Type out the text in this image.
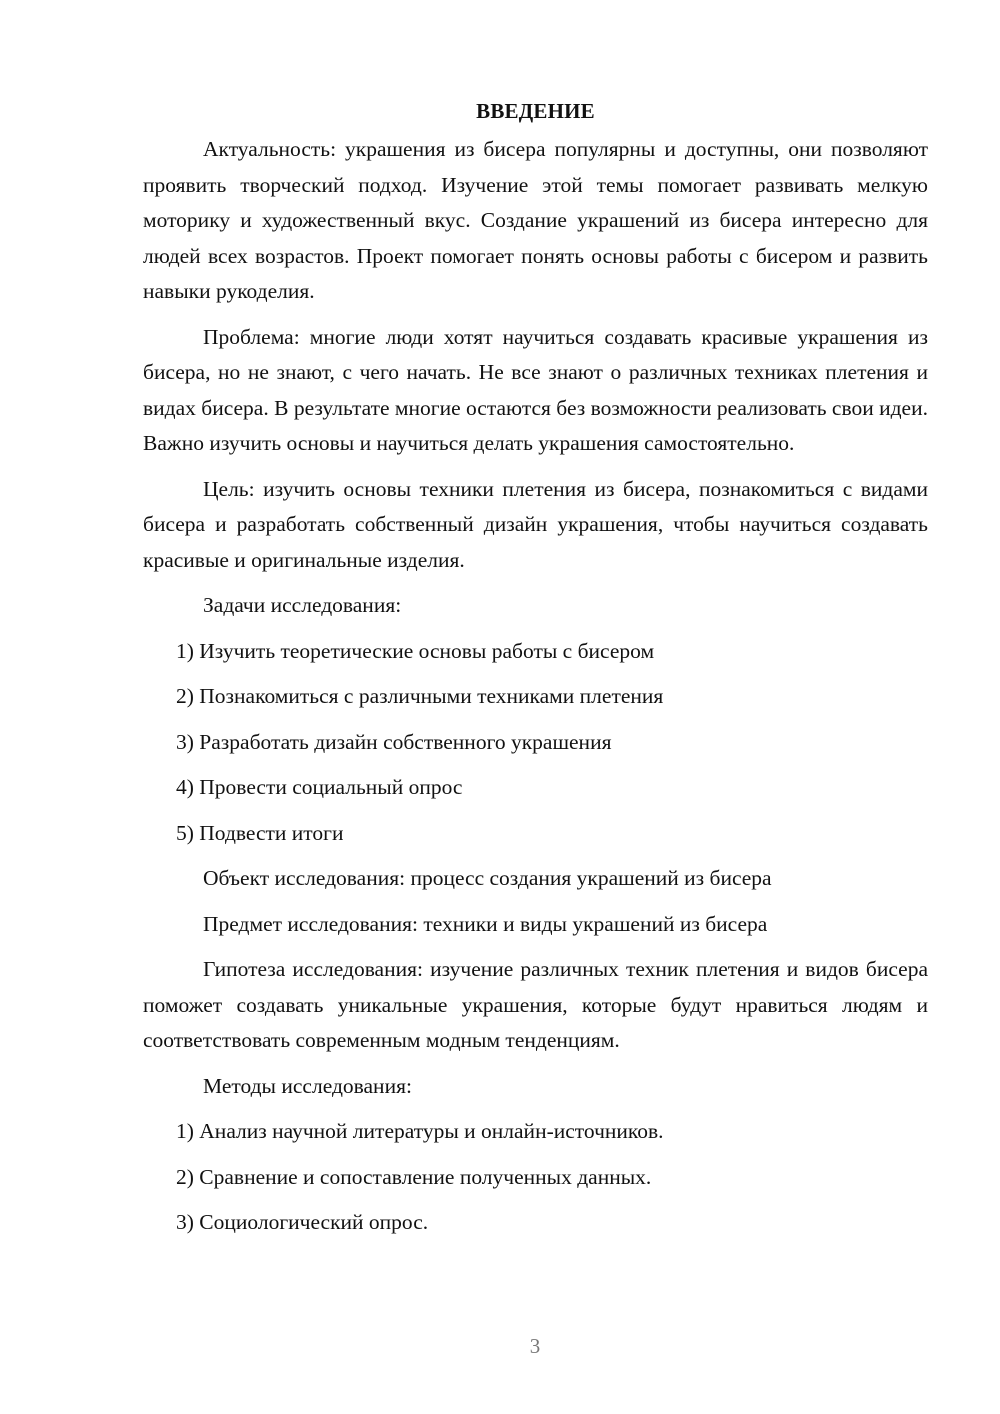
ВВЕДЕНИЕ
Актуальность: украшения из бисера популярны и доступны, они позволяют проявить творческий подход. Изучение этой темы помогает развивать мелкую моторику и художественный вкус. Создание украшений из бисера интересно для людей всех возрастов. Проект помогает понять основы работы с бисером и развить навыки рукоделия.
Проблема: многие люди хотят научиться создавать красивые украшения из бисера, но не знают, с чего начать. Не все знают о различных техниках плетения и видах бисера. В результате многие остаются без возможности реализовать свои идеи. Важно изучить основы и научиться делать украшения самостоятельно.
Цель: изучить основы техники плетения из бисера, познакомиться с видами бисера и разработать собственный дизайн украшения, чтобы научиться создавать красивые и оригинальные изделия.
Задачи исследования:
1) Изучить теоретические основы работы с бисером
2) Познакомиться с различными техниками плетения
3) Разработать дизайн собственного украшения
4) Провести социальный опрос
5) Подвести итоги
Объект исследования: процесс создания украшений из бисера
Предмет исследования: техники и виды украшений из бисера
Гипотеза исследования: изучение различных техник плетения и видов бисера поможет создавать уникальные украшения, которые будут нравиться людям и соответствовать современным модным тенденциям.
Методы исследования:
1) Анализ научной литературы и онлайн-источников.
2) Сравнение и сопоставление полученных данных.
3) Социологический опрос.
3
